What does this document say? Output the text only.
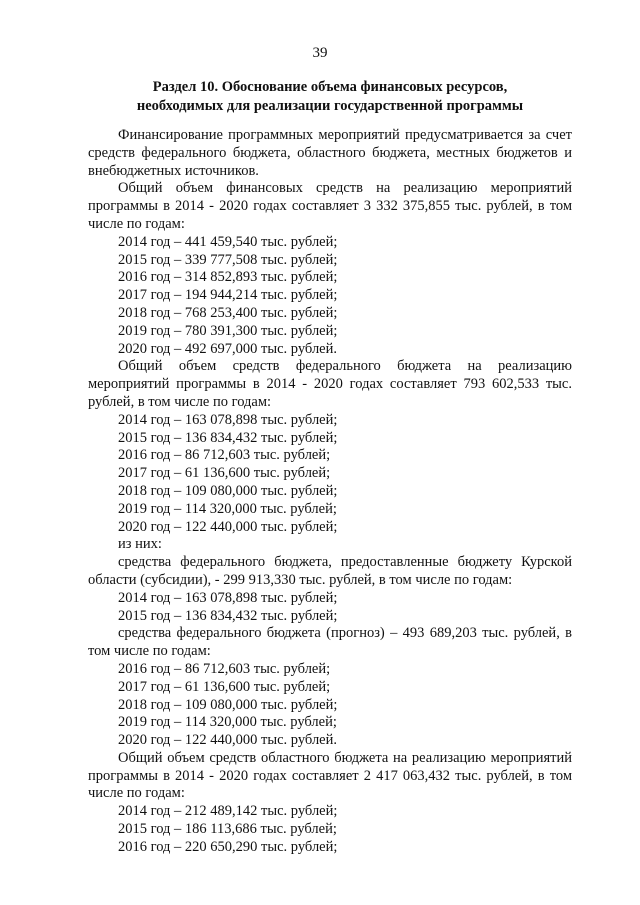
39
Раздел 10. Обоснование объема финансовых ресурсов,
необходимых для реализации государственной программы
Финансирование программных мероприятий предусматривается за счет средств федерального бюджета, областного бюджета, местных бюджетов и внебюджетных источников.
Общий объем финансовых средств на реализацию мероприятий программы в 2014 - 2020 годах составляет 3 332 375,855 тыс. рублей, в том числе по годам:
2014 год – 441 459,540 тыс. рублей;
2015 год – 339 777,508 тыс. рублей;
2016 год – 314 852,893 тыс. рублей;
2017 год – 194 944,214 тыс. рублей;
2018 год – 768 253,400 тыс. рублей;
2019 год – 780 391,300 тыс. рублей;
2020 год – 492 697,000 тыс. рублей.
Общий объем средств федерального бюджета на реализацию мероприятий программы в 2014 - 2020 годах составляет 793 602,533 тыс. рублей, в том числе по годам:
2014 год – 163 078,898 тыс. рублей;
2015 год – 136 834,432 тыс. рублей;
2016 год – 86 712,603 тыс. рублей;
2017 год – 61 136,600 тыс. рублей;
2018 год – 109 080,000 тыс. рублей;
2019 год – 114 320,000 тыс. рублей;
2020 год – 122 440,000 тыс. рублей;
из них:
средства федерального бюджета, предоставленные бюджету Курской области (субсидии), - 299 913,330 тыс. рублей, в том числе по годам:
2014 год – 163 078,898 тыс. рублей;
2015 год – 136 834,432 тыс. рублей;
средства федерального бюджета (прогноз) – 493 689,203 тыс. рублей, в том числе по годам:
2016 год – 86 712,603 тыс. рублей;
2017 год – 61 136,600 тыс. рублей;
2018 год – 109 080,000 тыс. рублей;
2019 год – 114 320,000 тыс. рублей;
2020 год – 122 440,000 тыс. рублей.
Общий объем средств областного бюджета на реализацию мероприятий программы в 2014 - 2020 годах составляет 2 417 063,432 тыс. рублей, в том числе по годам:
2014 год – 212 489,142 тыс. рублей;
2015 год – 186 113,686 тыс. рублей;
2016 год – 220 650,290 тыс. рублей;
